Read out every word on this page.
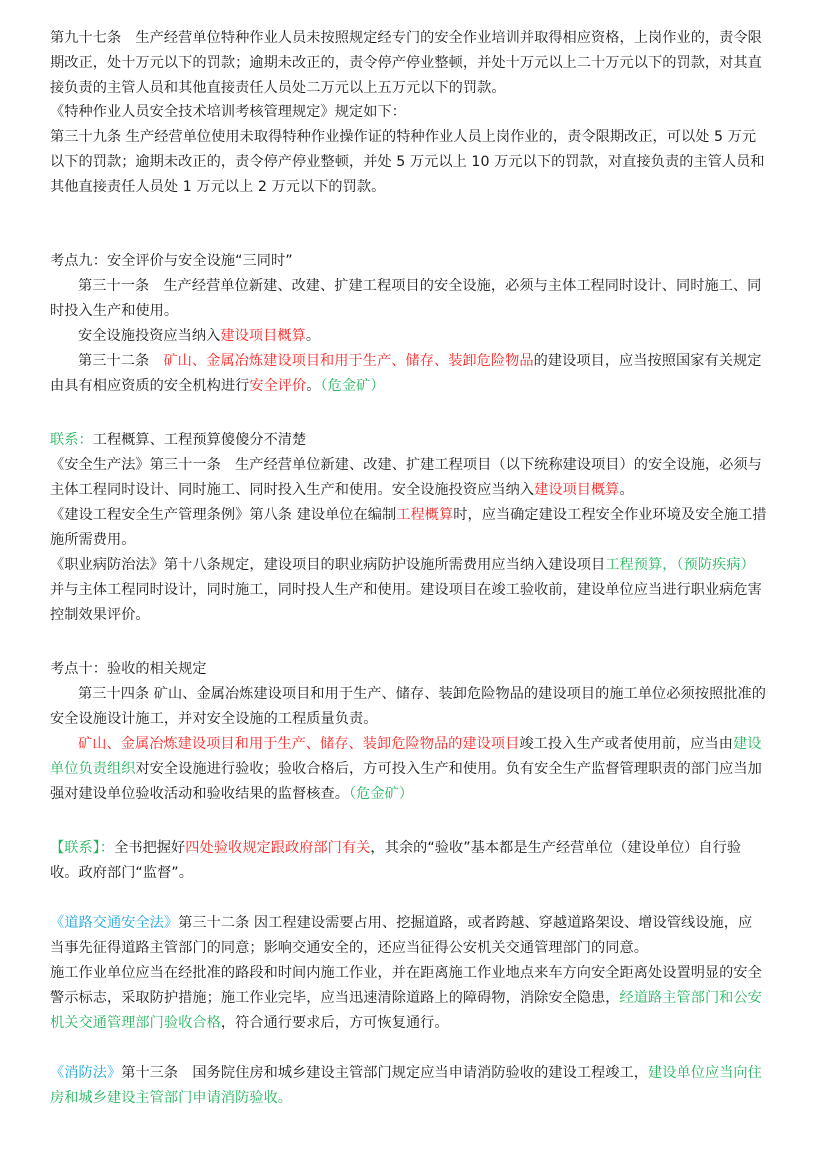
第九十七条　生产经营单位特种作业人员未按照规定经专门的安全作业培训并取得相应资格，上岗作业的，责令限
期改正，处十万元以下的罚款；逾期未改正的，责令停产停业整顿，并处十万元以上二十万元以下的罚款，对其直
接负责的主管人员和其他直接责任人员处二万元以上五万元以下的罚款。
《特种作业人员安全技术培训考核管理规定》规定如下：
第三十九条 生产经营单位使用未取得特种作业操作证的特种作业人员上岗作业的，责令限期改正，可以处 5 万元
以下的罚款；逾期未改正的，责令停产停业整顿，并处 5 万元以上 10 万元以下的罚款，对直接负责的主管人员和
其他直接责任人员处 1 万元以上 2 万元以下的罚款。
考点九：安全评价与安全设施“三同时”
第三十一条　生产经营单位新建、改建、扩建工程项目的安全设施，必须与主体工程同时设计、同时施工、同
时投入生产和使用。
安全设施投资应当纳入建设项目概算。
第三十二条　矿山、金属冶炼建设项目和用于生产、储存、装卸危险物品的建设项目，应当按照国家有关规定
由具有相应资质的安全机构进行安全评价。（危金矿）
联系：工程概算、工程预算傻傻分不清楚
《安全生产法》第三十一条　生产经营单位新建、改建、扩建工程项目（以下统称建设项目）的安全设施，必须与
主体工程同时设计、同时施工、同时投入生产和使用。安全设施投资应当纳入建设项目概算。
《建设工程安全生产管理条例》第八条 建设单位在编制工程概算时，应当确定建设工程安全作业环境及安全施工措
施所需费用。
《职业病防治法》第十八条规定，建设项目的职业病防护设施所需费用应当纳入建设项目工程预算，（预防疾病）
并与主体工程同时设计，同时施工，同时投人生产和使用。建设项目在竣工验收前，建设单位应当进行职业病危害
控制效果评价。
考点十：验收的相关规定
第三十四条 矿山、金属冶炼建设项目和用于生产、储存、装卸危险物品的建设项目的施工单位必须按照批准的
安全设施设计施工，并对安全设施的工程质量负责。
矿山、金属冶炼建设项目和用于生产、储存、装卸危险物品的建设项目竣工投入生产或者使用前，应当由建设
单位负责组织对安全设施进行验收；验收合格后，方可投入生产和使用。负有安全生产监督管理职责的部门应当加
强对建设单位验收活动和验收结果的监督核查。（危金矿）
【联系】：全书把握好四处验收规定跟政府部门有关，其余的“验收”基本都是生产经营单位（建设单位）自行验
收。政府部门“监督”。
《道路交通安全法》第三十二条 因工程建设需要占用、挖掘道路，或者跨越、穿越道路架设、增设管线设施，应
当事先征得道路主管部门的同意；影响交通安全的，还应当征得公安机关交通管理部门的同意。
施工作业单位应当在经批准的路段和时间内施工作业，并在距离施工作业地点来车方向安全距离处设置明显的安全
警示标志，采取防护措施；施工作业完毕，应当迅速清除道路上的障碍物，消除安全隐患，经道路主管部门和公安
机关交通管理部门验收合格，符合通行要求后，方可恢复通行。
《消防法》第十三条　国务院住房和城乡建设主管部门规定应当申请消防验收的建设工程竣工，建设单位应当向住
房和城乡建设主管部门申请消防验收。
